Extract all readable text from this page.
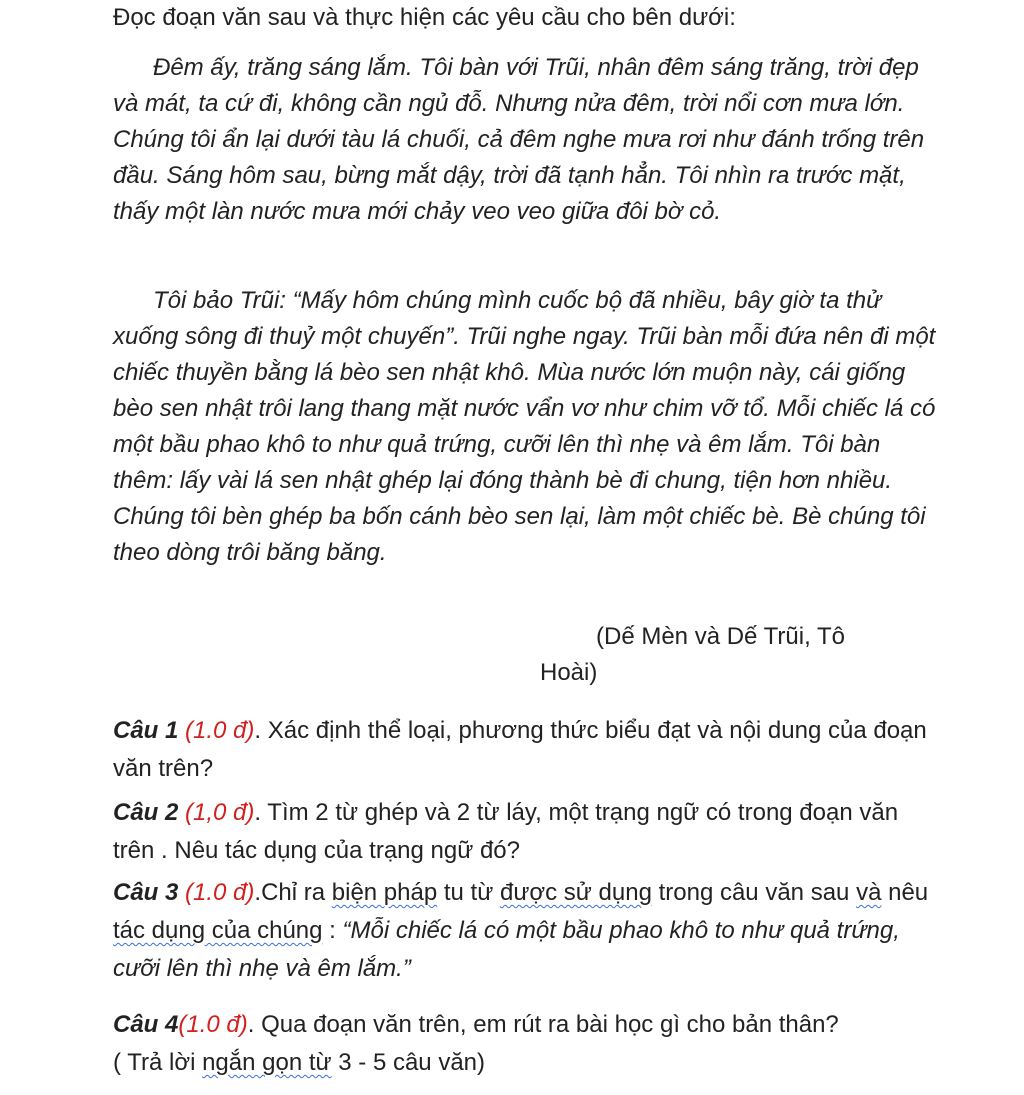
Đọc đoạn văn sau và thực hiện các yêu cầu cho bên dưới:

Đêm ấy, trăng sáng lắm. Tôi bàn với Trũi, nhân đêm sáng trăng, trời đẹp và mát, ta cứ đi, không cần ngủ đỗ. Nhưng nửa đêm, trời nổi cơn mưa lớn. Chúng tôi ẩn lại dưới tàu lá chuối, cả đêm nghe mưa rơi như đánh trống trên đầu. Sáng hôm sau, bừng mắt dậy, trời đã tạnh hẳn. Tôi nhìn ra trước mặt, thấy một làn nước mưa mới chảy veo veo giữa đôi bờ cỏ.

Tôi bảo Trũi: “Mấy hôm chúng mình cuốc bộ đã nhiều, bây giờ ta thử xuống sông đi thuỷ một chuyến”. Trũi nghe ngay. Trũi bàn mỗi đứa nên đi một chiếc thuyền bằng lá bèo sen nhật khô. Mùa nước lớn muộn này, cái giống bèo sen nhật trôi lang thang mặt nước vẩn vơ như chim vỡ tổ. Mỗi chiếc lá có một bầu phao khô to như quả trứng, cưỡi lên thì nhẹ và êm lắm. Tôi bàn thêm: lấy vài lá sen nhật ghép lại đóng thành bè đi chung, tiện hơn nhiều. Chúng tôi bèn ghép ba bốn cánh bèo sen lại, làm một chiếc bè. Bè chúng tôi theo dòng trôi băng băng.

(Dế Mèn và Dế Trũi, Tô
Hoài)

Câu 1 (1.0 đ). Xác định thể loại, phương thức biểu đạt và nội dung của đoạn văn trên?

Câu 2 (1,0 đ). Tìm 2 từ ghép và 2 từ láy, một trạng ngữ có trong đoạn văn trên . Nêu tác dụng của trạng ngữ đó?

Câu 3 (1.0 đ).Chỉ ra biện pháp tu từ được sử dụng trong câu văn sau và nêu tác dụng của chúng : “Mỗi chiếc lá có một bầu phao khô to như quả trứng, cưỡi lên thì nhẹ và êm lắm.”

Câu 4(1.0 đ). Qua đoạn văn trên, em rút ra bài học gì cho bản thân?
( Trả lời ngắn gọn từ 3 - 5 câu văn)
